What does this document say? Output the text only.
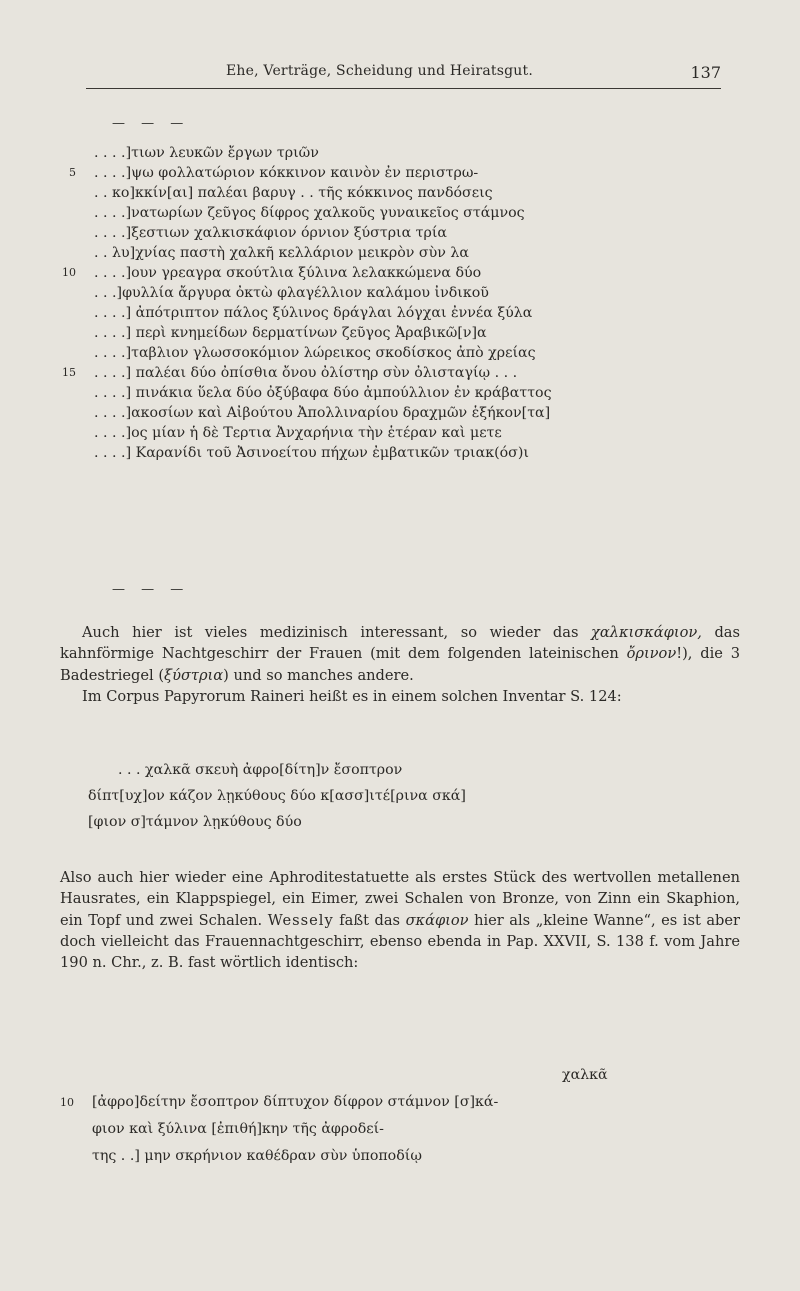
Ehe, Verträge, Scheidung und Heiratsgut.	137
— — —
. . . .]τιων λευκῶν ἔργων τριῶν
5 . . . .]ψω φολλατώριον κόκκινον καινὸν ἐν περιστρω-
. . κο]κκίν[αι] παλέαι βαρυγ . . τῆς κόκκινος πανδόσεις
. . . .]νατωρίων ζεῦγος δίφρος χαλκοῦς γυναικεῖος στάμνος
. . . .]ξεστιων χαλκισκάφιον όρνιον ξύστρια τρία
. . λυ]χνίας παστὴ χαλκῆ κελλάριον μεικρὸν σὺν λα
10 . . . .]ουν γρεαγρα σκούτλια ξύλινα λελακκώμενα δύο
. . .]φυλλία ἄργυρα ὀκτὼ φλαγέλλιον καλάμου ἰνδικοῦ
. . . .] ἀπότριπτον πάλος ξύλινος δράγλαι λόγχαι ἐννέα ξύλα
. . . .] περὶ κνημείδων δερματίνων ζεῦγος Ἀραβικῶ[ν]α
. . . .]ταβλιον γλωσσοκόμιον λώρεικος σκοδίσκος ἀπὸ χρείας
15 . . . .] παλέαι δύο ὀπίσθια ὄνου ὀλίστηρ σὺν ὀλισταγίῳ . . .
. . . .] πινάκια ὕελα δύο ὀξύβαφα δύο ἀμπούλλιον ἐν κράβαττος
. . . .]ακοσίων καὶ Αἰβούτου Ἀπολλιναρίου δραχμῶν ἑξήκον[τα]
. . . .]ος μίαν ἡ δὲ Τερτια Ἀνχαρήνια τὴν ἑτέραν καὶ μετε
. . . .] Καρανίδι τοῦ Ἀσινοείτου πήχων ἐμβατικῶν τριακ(όσ)ι
— — —

Auch hier ist vieles medizinisch interessant, so wieder das χαλκισκάφιον, das kahnförmige Nachtgeschirr der Frauen (mit dem folgenden lateinischen ὄρινον!), die 3 Badestriegel (ξύστρια) und so manches andere.

Im Corpus Papyrorum Raineri heißt es in einem solchen Inventar S. 124:

. . . χαλκᾶ σκευὴ ἀφρο[δίτη]ν ἔσοπτρον
δίπτ[υχ]ον κάζον λῃκύθους δύο κ[ασσ]ιτέ[ρινα σκά]
[φιον σ]τάμνον λῃκύθους δύο

Also auch hier wieder eine Aphroditestatuette als erstes Stück des wertvollen metallenen Hausrates, ein Klappspiegel, ein Eimer, zwei Schalen von Bronze, von Zinn ein Skaphion, ein Topf und zwei Schalen. Wessely faßt das σκάφιον hier als „kleine Wanne“, es ist aber doch vielleicht das Frauennachtgeschirr, ebenso ebenda in Pap. XXVII, S. 138 f. vom Jahre 190 n. Chr., z. B. fast wörtlich identisch:

χαλκᾶ
10 [ἀφρο]δείτην ἔσοπτρον δίπτυχον δίφρον στάμνον [σ]κά-
φιον καὶ ξύλινα [ἐπιθή]κην τῆς ἀφροδεί-
της . .] μην σκρήνιον καθέδραν σὺν ὑποποδίῳ
